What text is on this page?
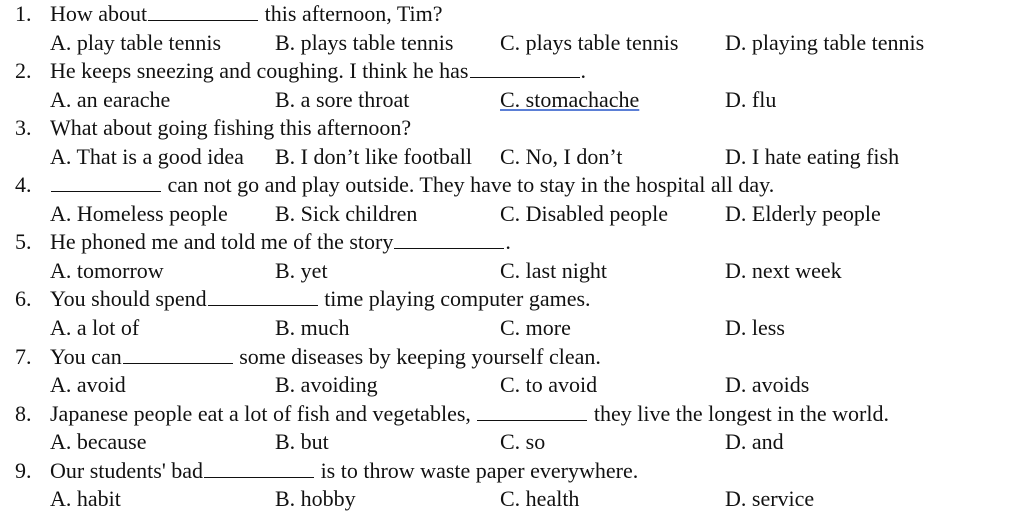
1. How about	this afternoon, Tim?
A. play table tennis B. plays table tennis C. plays table tennis D. playing table tennis
2. He keeps sneezing and coughing. I think he has	.
A. an earache	B. a sore throat	C. stomachache	D. flu
3. What about going fishing this afternoon?
A. That is a good idea B. I don’t like football C. No, I don’t	D. I hate eating fish
4.	can not go and play outside. They have to stay in the hospital all day.
A. Homeless people B. Sick children	C. Disabled people	D. Elderly people
5. He phoned me and told me of the story	.
A. tomorrow	B. yet	C. last night	D. next week
6. You should spend	time playing computer games.
A. a lot of	B. much	C. more	D. less
7. You can	some diseases by keeping yourself clean.
A. avoid	B. avoiding	C. to avoid	D. avoids
8. Japanese people eat a lot of fish and vegetables,	they live the longest in the world.
A. because	B. but	C. so	D. and
9. Our students' bad	is to throw waste paper everywhere.
A. habit	B. hobby	C. health	D. service
